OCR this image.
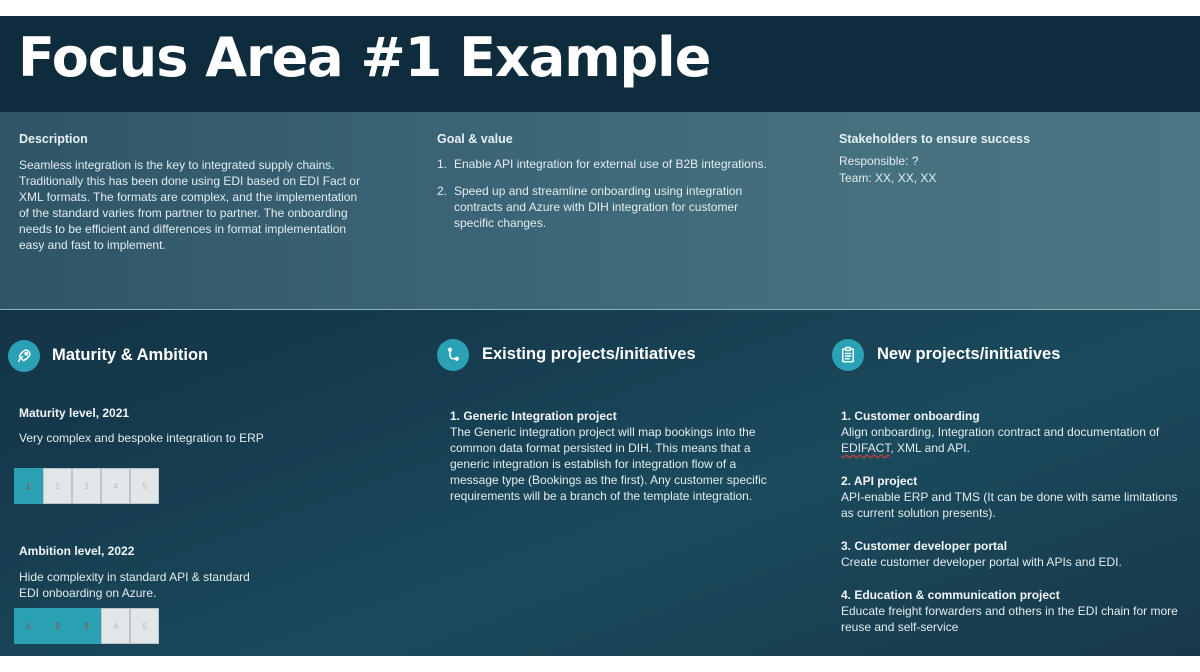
Focus Area #1 Example
Description
Seamless integration is the key to integrated supply chains. Traditionally this has been done using EDI based on EDI Fact or XML formats. The formats are complex, and the implementation of the standard varies from partner to partner. The onboarding needs to be efficient and differences in format implementation easy and fast to implement.
Goal & value
1. Enable API integration for external use of B2B integrations.
2. Speed up and streamline onboarding using integration contracts and Azure with DIH integration for customer specific changes.
Stakeholders to ensure success
Responsible: ?
Team: XX, XX, XX
Maturity & Ambition
Maturity level, 2021
Very complex and bespoke integration to ERP
1	2	3	4	5
Ambition level, 2022
Hide complexity in standard API & standard EDI onboarding on Azure.
1	2	3	4	5
Existing projects/initiatives
1. Generic Integration project
The Generic integration project will map bookings into the common data format persisted in DIH. This means that a generic integration is establish for integration flow of a message type (Bookings as the first). Any customer specific requirements will be a branch of the template integration.
New projects/initiatives
1. Customer onboarding
Align onboarding, Integration contract and documentation of EDIFACT, XML and API.
2. API project
API-enable ERP and TMS (It can be done with same limitations as current solution presents).
3. Customer developer portal
Create customer developer portal with APIs and EDI.
4. Education & communication project
Educate freight forwarders and others in the EDI chain for more reuse and self-service
